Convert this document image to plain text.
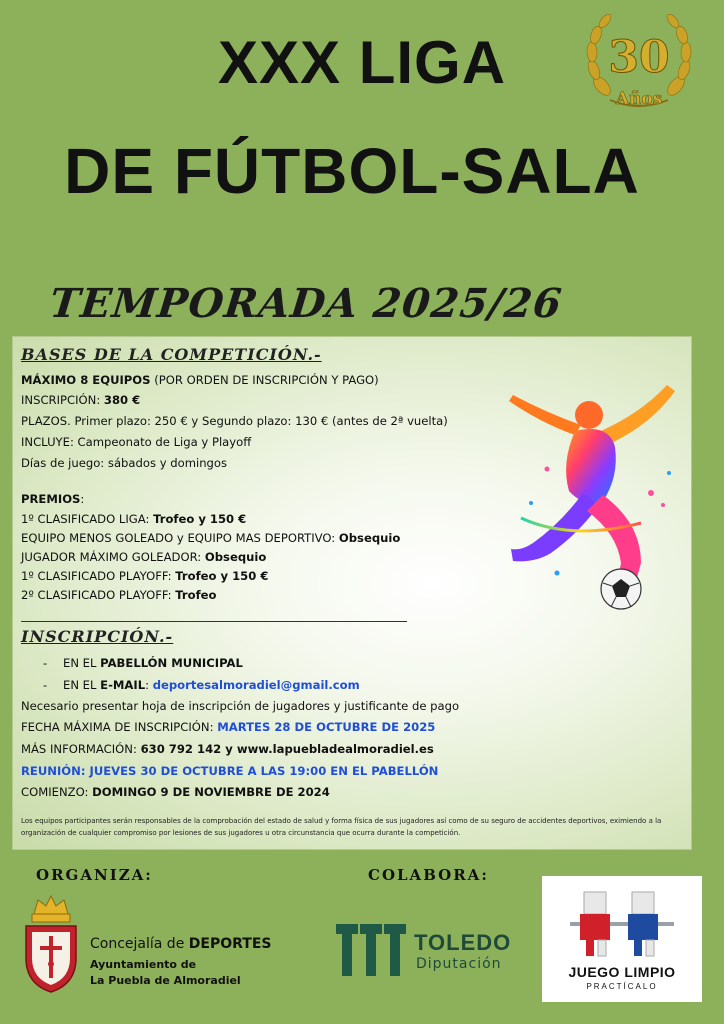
XXX LIGA
DE FÚTBOL-SALA
30
Años
TEMPORADA 2025/26
BASES DE LA COMPETICIÓN.-
MÁXIMO 8 EQUIPOS (POR ORDEN DE INSCRIPCIÓN Y PAGO)
INSCRIPCIÓN: 380 €
PLAZOS. Primer plazo: 250 € y Segundo plazo: 130 € (antes de 2ª vuelta)
INCLUYE: Campeonato de Liga y Playoff
Días de juego: sábados y domingos
PREMIOS:
1º CLASIFICADO LIGA: Trofeo y 150 €
EQUIPO MENOS GOLEADO y EQUIPO MAS DEPORTIVO: Obsequio
JUGADOR MÁXIMO GOLEADOR: Obsequio
1º CLASIFICADO PLAYOFF: Trofeo y 150 €
2º CLASIFICADO PLAYOFF: Trofeo
INSCRIPCIÓN.-
- EN EL PABELLÓN MUNICIPAL
- EN EL E-MAIL: deportesalmoradiel@gmail.com
Necesario presentar hoja de inscripción de jugadores y justificante de pago
FECHA MÁXIMA DE INSCRIPCIÓN: MARTES 28 DE OCTUBRE DE 2025
MÁS INFORMACIÓN: 630 792 142 y www.lapuebladealmoradiel.es
REUNIÓN: JUEVES 30 DE OCTUBRE A LAS 19:00 EN EL PABELLÓN
COMIENZO: DOMINGO 9 DE NOVIEMBRE DE 2024
Los equipos participantes serán responsables de la comprobación del estado de salud y forma física de sus jugadores así como de su seguro de accidentes deportivos, eximiendo a la organización de cualquier compromiso por lesiones de sus jugadores u otra circunstancia que ocurra durante la competición.
ORGANIZA:	COLABORA:
Concejalía de DEPORTES
Ayuntamiento de
La Puebla de Almoradiel
TOLEDO
Diputación	JUEGO LIMPIO
PRACTÍCALO
